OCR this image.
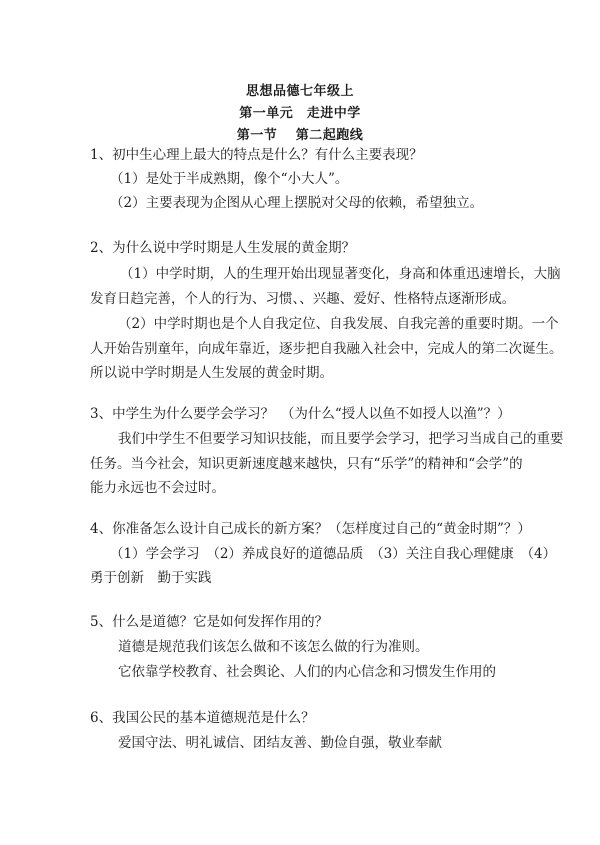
思想品德七年级上
第一单元　走进中学
第一节　 第二起跑线
1、初中生心理上最大的特点是什么？有什么主要表现？
（1）是处于半成熟期，像个“小大人”。
（2）主要表现为企图从心理上摆脱对父母的依赖，希望独立。
2、为什么说中学时期是人生发展的黄金期？
（1）中学时期，人的生理开始出现显著变化，身高和体重迅速增长，大脑
发育日趋完善，个人的行为、习惯、、兴趣、爱好、性格特点逐渐形成。
（2）中学时期也是个人自我定位、自我发展、自我完善的重要时期。一个
人开始告别童年，向成年靠近，逐步把自我融入社会中，完成人的第二次诞生。
所以说中学时期是人生发展的黄金时期。
3、中学生为什么要学会学习？　（为什么“授人以鱼不如授人以渔”？）
我们中学生不但要学习知识技能，而且要学会学习，把学习当成自己的重要
任务。当今社会，知识更新速度越来越快，只有“乐学”的精神和“会学”的
能力永远也不会过时。
4、你准备怎么设计自己成长的新方案？（怎样度过自己的“黄金时期”？）
（1）学会学习　（2）养成良好的道德品质　（3）关注自我心理健康　（4）
勇于创新　勤于实践
5、什么是道德？它是如何发挥作用的？
道德是规范我们该怎么做和不该怎么做的行为准则。
它依靠学校教育、社会舆论、人们的内心信念和习惯发生作用的
6、我国公民的基本道德规范是什么？
爱国守法、明礼诚信、团结友善、勤俭自强，敬业奉献
